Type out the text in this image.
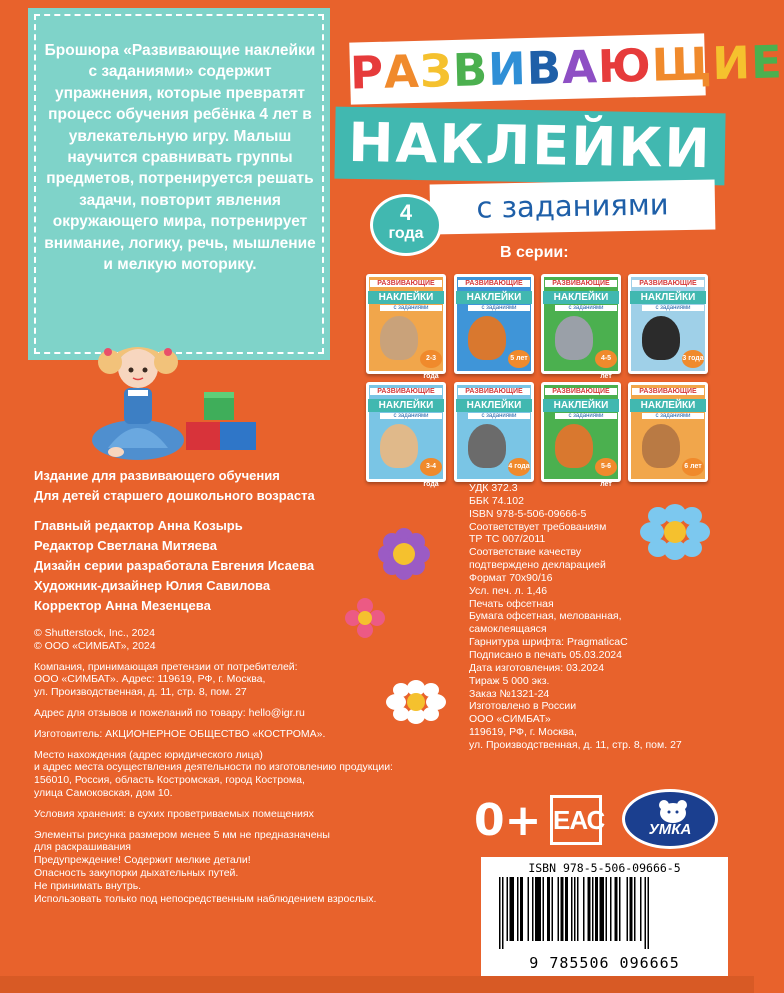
Брошюра «Развивающие наклейки с заданиями» содержит упражнения, которые превратят процесс обучения ребёнка 4 лет в увлекательную игру. Малыш научится сравнивать группы предметов, потренируется решать задачи, повторит явления окружающего мира, потренирует внимание, логику, речь, мышление и мелкую моторику.
РАЗВИВАЮЩИЕ
НАКЛЕЙКИ
с заданиями
4
года
В серии:
РАЗВИВАЮЩИЕ
НАКЛЕЙКИ
с заданиями
2-3 года
РАЗВИВАЮЩИЕ
НАКЛЕЙКИ
с заданиями
5 лет
РАЗВИВАЮЩИЕ
НАКЛЕЙКИ
с заданиями
4-5 лет
РАЗВИВАЮЩИЕ
НАКЛЕЙКИ
с заданиями
3 года
РАЗВИВАЮЩИЕ
НАКЛЕЙКИ
с заданиями
3-4 года
РАЗВИВАЮЩИЕ
НАКЛЕЙКИ
с заданиями
4 года
РАЗВИВАЮЩИЕ
НАКЛЕЙКИ
с заданиями
5-6 лет
РАЗВИВАЮЩИЕ
НАКЛЕЙКИ
с заданиями
6 лет
Издание для развивающего обучения
Для детей старшего дошкольного возраста
Главный редактор Анна Козырь
Редактор Светлана Митяева
Дизайн серии разработала Евгения Исаева
Художник-дизайнер Юлия Савилова
Корректор Анна Мезенцева
© Shutterstock, Inc., 2024
© ООО «СИМБАТ», 2024

Компания, принимающая претензии от потребителей:
ООО «СИМБАТ». Адрес: 119619, РФ, г. Москва,
ул. Производственная, д. 11, стр. 8, пом. 27

Адрес для отзывов и пожеланий по товару: hello@igr.ru

Изготовитель: АКЦИОНЕРНОЕ ОБЩЕСТВО «КОСТРОМА».

Место нахождения (адрес юридического лица)
и адрес места осуществления деятельности по изготовлению продукции:
156010, Россия, область Костромская, город Кострома,
улица Самоковская, дом 10.

Условия хранения: в сухих проветриваемых помещениях

Элементы рисунка размером менее 5 мм не предназначены
для раскрашивания
Предупреждение! Содержит мелкие детали!
Опасность закупорки дыхательных путей.
Не принимать внутрь.
Использовать только под непосредственным наблюдением взрослых.
УДК 372.3
ББК 74.102
ISBN 978-5-506-09666-5
Соответствует требованиям
ТР ТС 007/2011
Соответствие качеству
подтверждено декларацией
Формат 70х90/16
Усл. печ. л. 1,46
Печать офсетная
Бумага офсетная, мелованная,
самоклеящаяся
Гарнитура шрифта: PragmaticaC
Подписано в печать 05.03.2024
Дата изготовления: 03.2024
Тираж 5 000 экз.
Заказ №1321-24
Изготовлено в России
ООО «СИМБАТ»
119619, РФ, г. Москва,
ул. Производственная, д. 11, стр. 8, пом. 27
0+ ЕАС	УМКА
ISBN 978-5-506-09666-5
9 785506 096665
